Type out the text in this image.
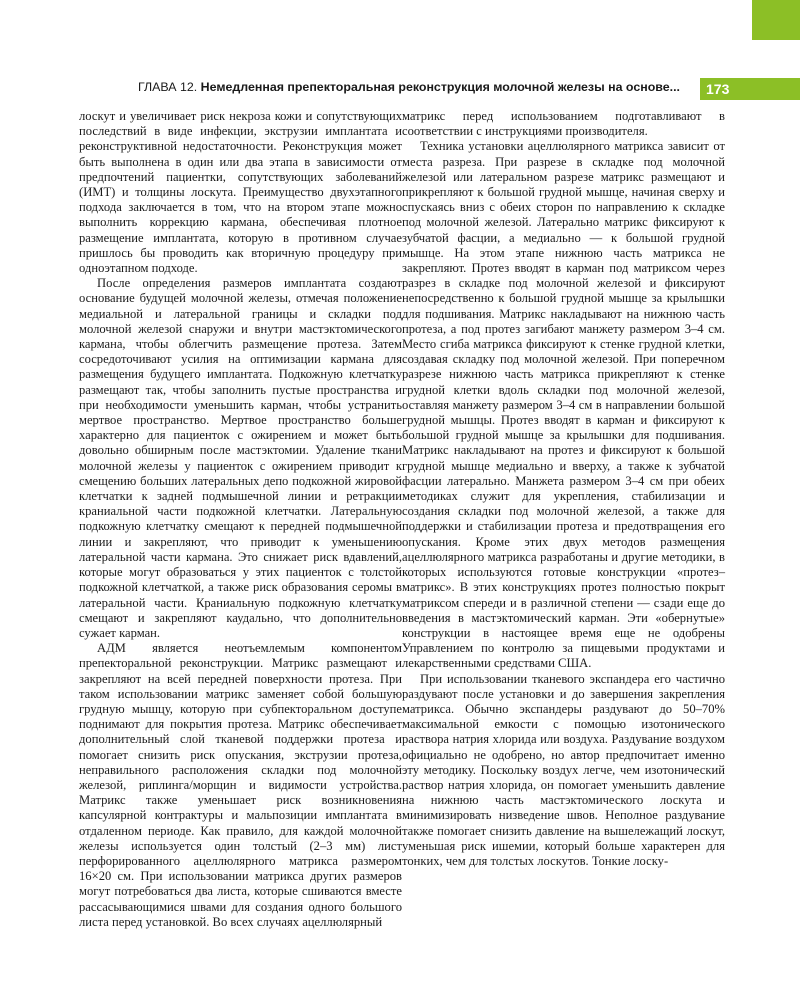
ГЛАВА 12. Немедленная препекторальная реконструкция молочной железы на основе...	173

лоскут и увеличивает риск некроза кожи и сопутствующих последствий в виде инфекции, экструзии имплантата и реконструктивной недостаточности. Реконструкция может быть выполнена в один или два этапа в зависимости от предпочтений пациентки, сопутствующих заболеваний (ИМТ) и толщины лоскута. Преимущество двухэтапного подхода заключается в том, что на втором этапе можно выполнить коррекцию кармана, обеспечивая плотное размещение имплантата, которую в противном случае пришлось бы проводить как вторичную процедуру при одноэтапном подходе.

После определения размеров имплантата создают основание будущей молочной железы, отмечая положение медиальной и латеральной границы и складки под молочной железой снаружи и внутри мастэктомического кармана, чтобы облегчить размещение протеза. Затем сосредоточивают усилия на оптимизации кармана для размещения будущего имплантата. Подкожную клетчатку размещают так, чтобы заполнить пустые пространства и при необходимости уменьшить карман, чтобы устранить мертвое пространство. Мертвое пространство больше характерно для пациенток с ожирением и может быть довольно обширным после мастэктомии. Удаление ткани молочной железы у пациенток с ожирением приводит к смещению больших латеральных депо подкожной жировой клетчатки к задней подмышечной линии и ретракции краниальной части подкожной клетчатки. Латеральную подкожную клетчатку смещают к передней подмышечной линии и закрепляют, что приводит к уменьшению латеральной части кармана. Это снижает риск вдавлений, которые могут образоваться у этих пациенток с толстой подкожной клетчаткой, а также риск образования серомы в латеральной части. Краниальную подкожную клетчатку смещают и закрепляют каудально, что дополнительно сужает карман.

АДМ является неотъемлемым компонентом препекторальной реконструкции. Матрикс размещают и закрепляют на всей передней поверхности протеза. При таком использовании матрикс заменяет собой большую грудную мышцу, которую при субпекторальном доступе поднимают для покрытия протеза. Матрикс обеспечивает дополнительный слой тканевой поддержки протеза и помогает снизить риск опускания, экструзии протеза, неправильного расположения складки под молочной железой, риплинга/морщин и видимости устройства. Матрикс также уменьшает риск возникновения капсулярной контрактуры и мальпозиции имплантата в отдаленном периоде. Как правило, для каждой молочной железы используется один толстый (2–3 мм) лист перфорированного ацеллюлярного матрикса размером 16×20 см. При использовании матрикса других размеров могут потребоваться два листа, которые сшиваются вместе рассасывающимися швами для создания одного большого листа перед установкой. Во всех случаях ацеллюлярный

матрикс перед использованием подготавливают в соответствии с инструкциями производителя.

Техника установки ацеллюлярного матрикса зависит от места разреза. При разрезе в складке под молочной железой или латеральном разрезе матрикс размещают и прикрепляют к большой грудной мышце, начиная сверху и спускаясь вниз с обеих сторон по направлению к складке под молочной железой. Латерально матрикс фиксируют к зубчатой фасции, а медиально — к большой грудной мышце. На этом этапе нижнюю часть матрикса не закрепляют. Протез вводят в карман под матриксом через разрез в складке под молочной железой и фиксируют непосредственно к большой грудной мышце за крылышки для подшивания. Матрикс накладывают на нижнюю часть протеза, а под протез загибают манжету размером 3–4 см. Место сгиба матрикса фиксируют к стенке грудной клетки, создавая складку под молочной железой. При поперечном разрезе нижнюю часть матрикса прикрепляют к стенке грудной клетки вдоль складки под молочной железой, оставляя манжету размером 3–4 см в направлении большой грудной мышцы. Протез вводят в карман и фиксируют к большой грудной мышце за крылышки для подшивания. Матрикс накладывают на протез и фиксируют к большой грудной мышце медиально и вверху, а также к зубчатой фасции латерально. Манжета размером 3–4 см при обеих методиках служит для укрепления, стабилизации и создания складки под молочной железой, а также для поддержки и стабилизации протеза и предотвращения его опускания. Кроме этих двух методов размещения ацеллюлярного матрикса разработаны и другие методики, в которых используются готовые конструкции «протез–матрикс». В этих конструкциях протез полностью покрыт матриксом спереди и в различной степени — сзади еще до введения в мастэктомический карман. Эти «обернутые» конструкции в настоящее время еще не одобрены Управлением по контролю за пищевыми продуктами и лекарственными средствами США.

При использовании тканевого экспандера его частично раздувают после установки и до завершения закрепления матрикса. Обычно экспандеры раздувают до 50–70% максимальной емкости с помощью изотонического раствора натрия хлорида или воздуха. Раздувание воздухом официально не одобрено, но автор предпочитает именно эту методику. Поскольку воздух легче, чем изотонический раствор натрия хлорида, он помогает уменьшить давление на нижнюю часть мастэктомического лоскута и минимизировать низведение швов. Неполное раздувание также помогает снизить давление на вышележащий лоскут, уменьшая риск ишемии, который больше характерен для тонких, чем для толстых лоскутов. Тонкие лоску-
